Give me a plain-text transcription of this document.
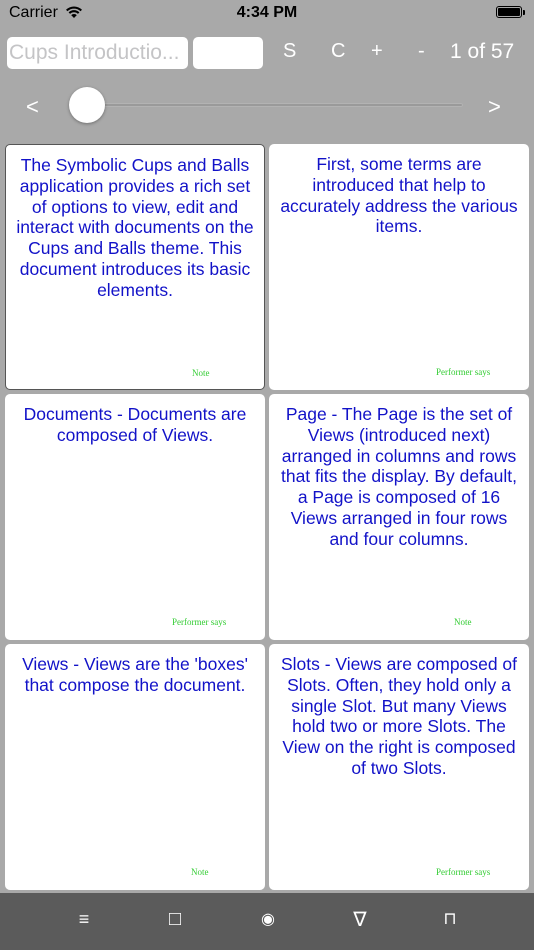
Carrier	4:34 PM
Cups Introductio...
S C + - 1 of 57
<	>
The Symbolic Cups and Balls application provides a rich set of options to view, edit and interact with documents on the Cups and Balls theme. This document introduces its basic elements.
Note
First, some terms are introduced that help to accurately address the various items.
Performer says
Documents - Documents are composed of Views.
Performer says
Page - The Page is the set of Views (introduced next) arranged in columns and rows that fits the display. By default, a Page is composed of 16 Views arranged in four rows and four columns.
Note
Views - Views are the 'boxes' that compose the document.
Note
Slots - Views are composed of Slots. Often, they hold only a single Slot. But many Views hold two or more Slots. The View on the right is composed of two Slots.
Performer says
≡	□	◉	∇	⊓
